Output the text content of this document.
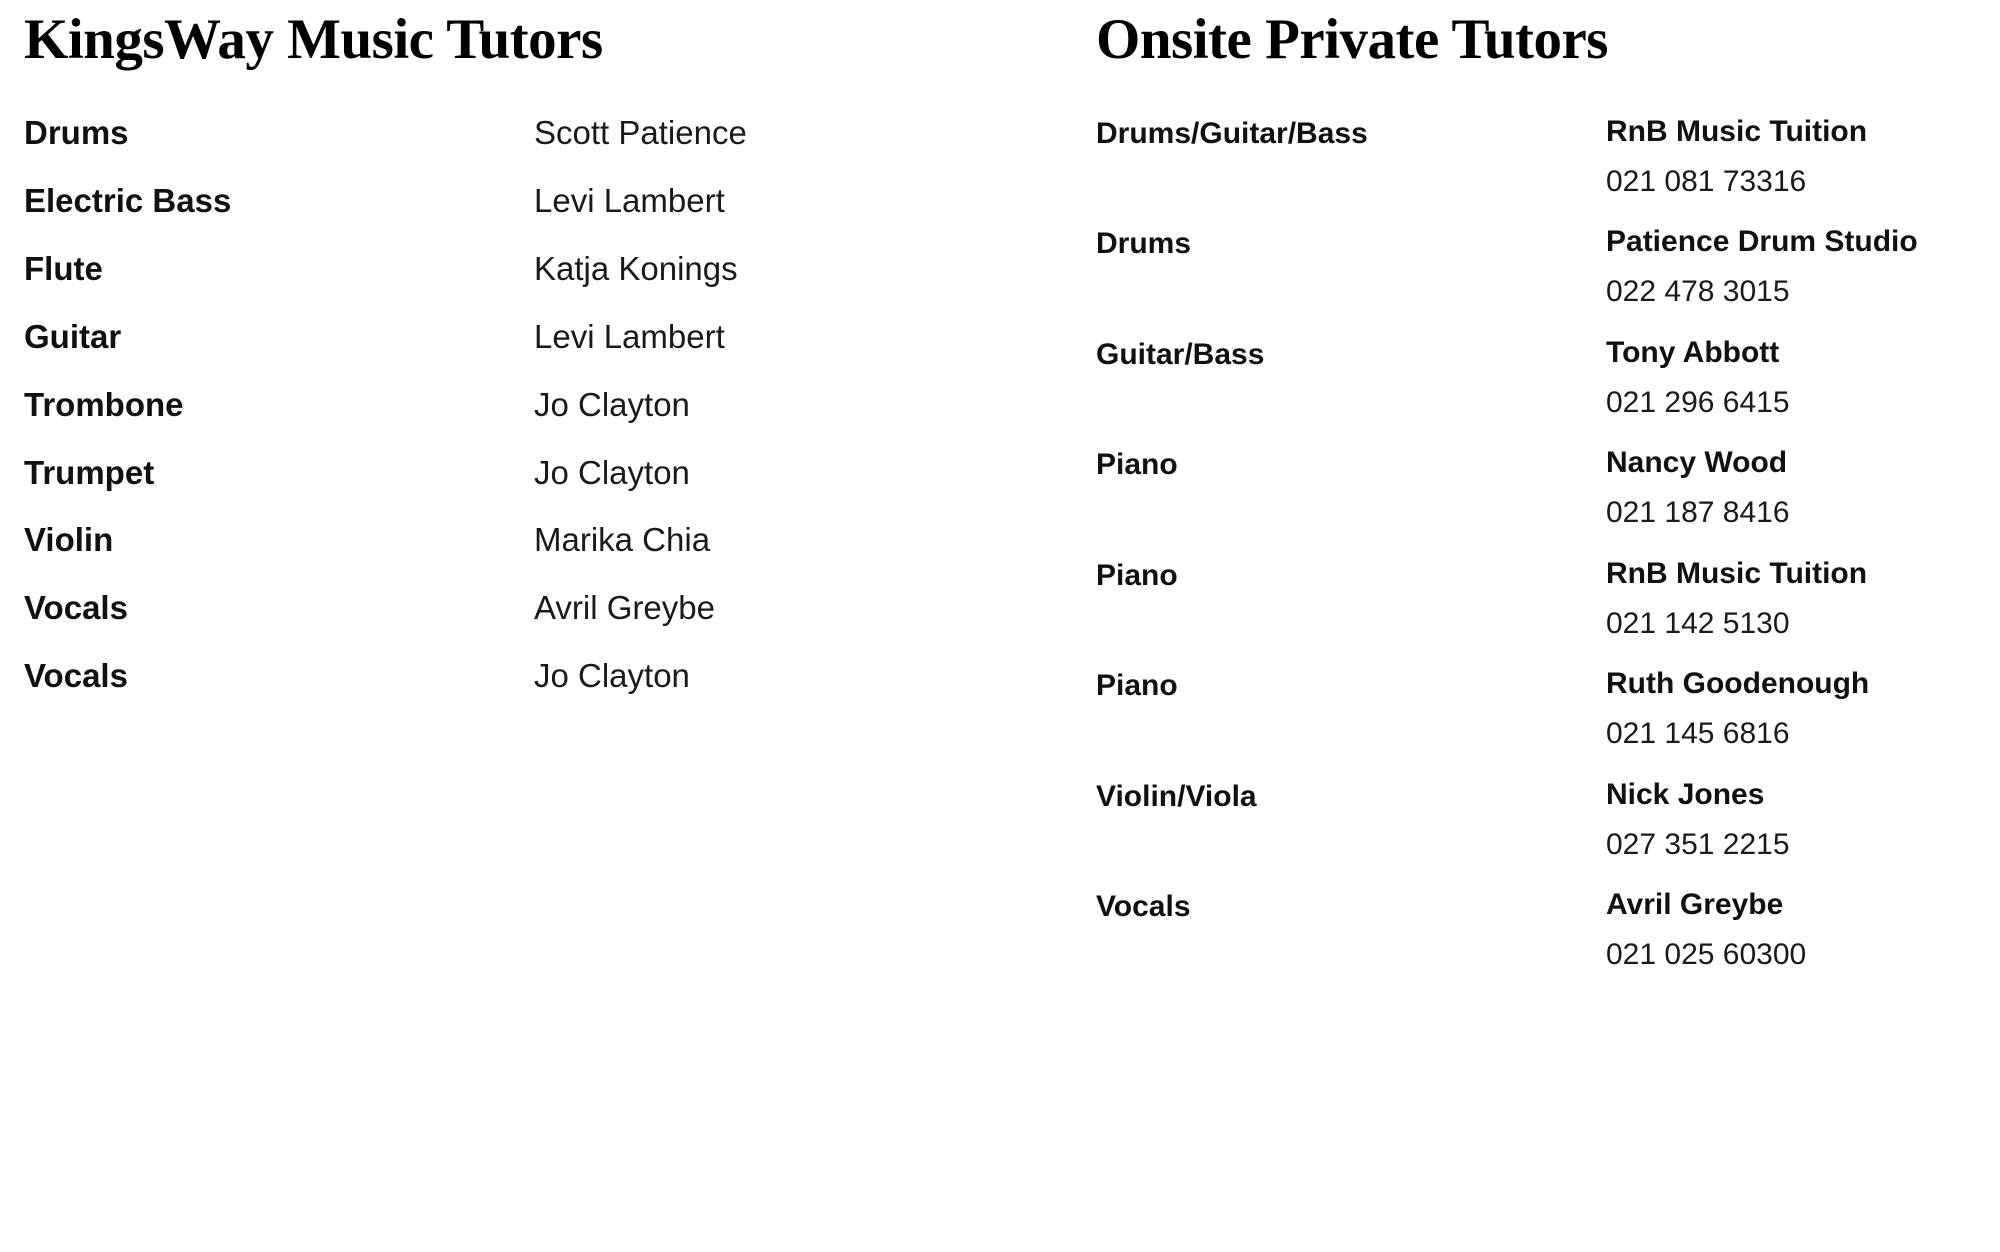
KingsWay Music Tutors
Drums	Scott Patience
Electric Bass	Levi Lambert
Flute	Katja Konings
Guitar	Levi Lambert
Trombone	Jo Clayton
Trumpet	Jo Clayton
Violin	Marika Chia
Vocals	Avril Greybe
Vocals	Jo Clayton
Onsite Private Tutors
Drums/Guitar/Bass	RnB Music Tuition
021 081 73316
Drums	Patience Drum Studio
022 478 3015
Guitar/Bass	Tony Abbott
021 296 6415
Piano	Nancy Wood
021 187 8416
Piano	RnB Music Tuition
021 142 5130
Piano	Ruth Goodenough
021 145 6816
Violin/Viola	Nick Jones
027 351 2215
Vocals	Avril Greybe
021 025 60300
